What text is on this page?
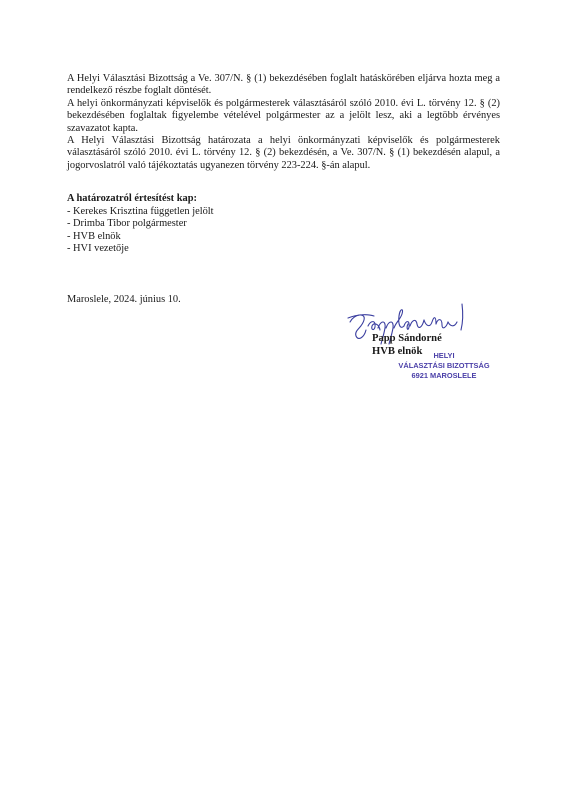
A Helyi Választási Bizottság a Ve. 307/N. § (1) bekezdésében foglalt hatáskörében eljárva hozta meg a rendelkező részbe foglalt döntését.

A helyi önkormányzati képviselők és polgármesterek választásáról szóló 2010. évi L. törvény 12. § (2) bekezdésében foglaltak figyelembe vételével polgármester az a jelölt lesz, aki a legtöbb érvényes szavazatot kapta.

A Helyi Választási Bizottság határozata a helyi önkormányzati képviselők és polgármesterek választásáról szóló 2010. évi L. törvény 12. § (2) bekezdésén, a Ve. 307/N. § (1) bekezdésén alapul, a jogorvoslatról való tájékoztatás ugyanezen törvény 223-224. §-án alapul.

A határozatról értesítést kap:

- Kerekes Krisztina független jelölt
- Drimba Tibor polgármester
- HVB elnök
- HVI vezetője
Maroslele, 2024. június 10.
Papp Sándorné
HVB elnök	HELYI
VÁLASZTÁSI BIZOTTSÁG
6921 MAROSLELE
